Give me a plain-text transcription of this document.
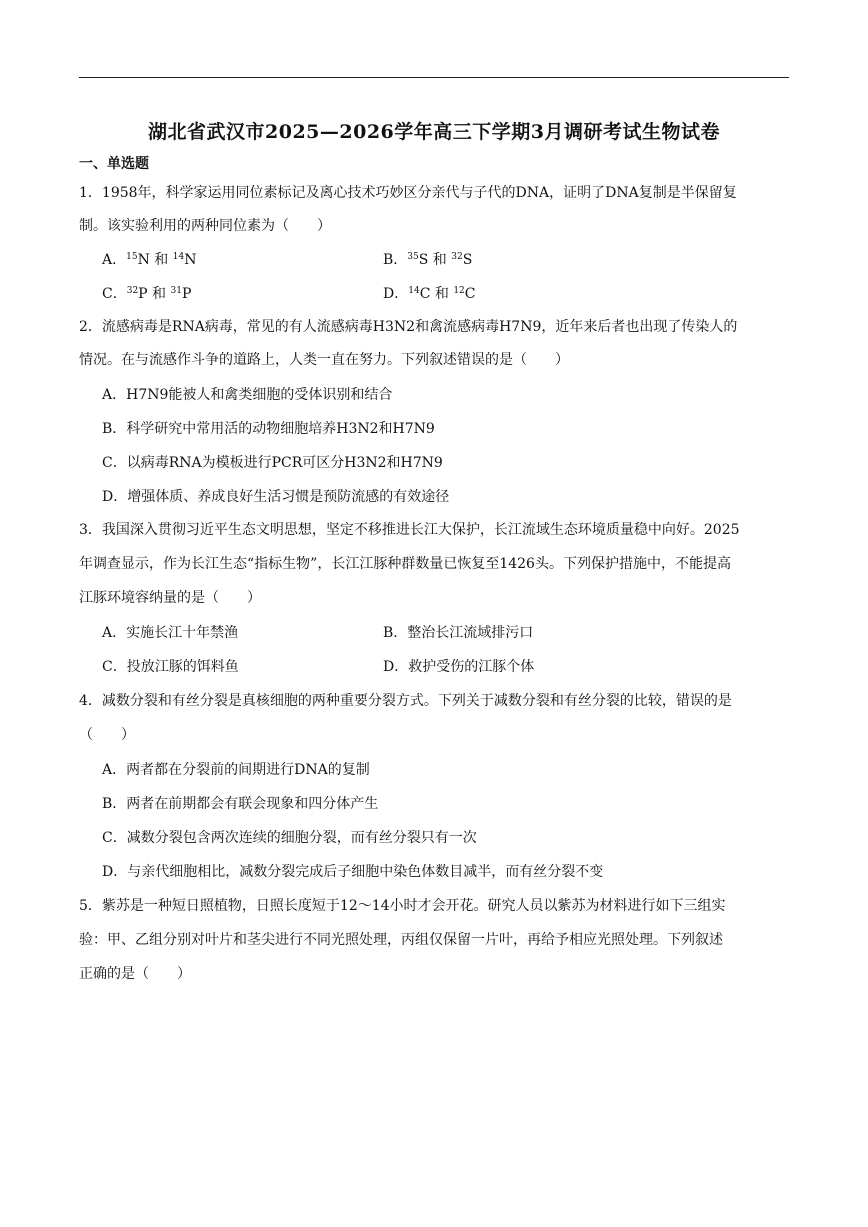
湖北省武汉市2025—2026学年高三下学期3月调研考试生物试卷
一、单选题
1．1958年，科学家运用同位素标记及离心技术巧妙区分亲代与子代的DNA，证明了DNA复制是半保留复
制。该实验利用的两种同位素为（　　）
A．$^{15}$N 和 $^{14}$N	B．$^{35}$S 和 $^{32}$S
C．$^{32}$P 和 $^{31}$P	D．$^{14}$C 和 $^{12}$C
2．流感病毒是RNA病毒，常见的有人流感病毒H3N2和禽流感病毒H7N9，近年来后者也出现了传染人的
情况。在与流感作斗争的道路上，人类一直在努力。下列叙述错误的是（　　）
A．H7N9能被人和禽类细胞的受体识别和结合
B．科学研究中常用活的动物细胞培养H3N2和H7N9
C．以病毒RNA为模板进行PCR可区分H3N2和H7N9
D．增强体质、养成良好生活习惯是预防流感的有效途径
3．我国深入贯彻习近平生态文明思想，坚定不移推进长江大保护，长江流域生态环境质量稳中向好。2025
年调查显示，作为长江生态“指标生物”，长江江豚种群数量已恢复至1426头。下列保护措施中，不能提高
江豚环境容纳量的是（　　）
A．实施长江十年禁渔	B．整治长江流域排污口
C．投放江豚的饵料鱼	D．救护受伤的江豚个体
4．减数分裂和有丝分裂是真核细胞的两种重要分裂方式。下列关于减数分裂和有丝分裂的比较，错误的是
（　　）
A．两者都在分裂前的间期进行DNA的复制
B．两者在前期都会有联会现象和四分体产生
C．减数分裂包含两次连续的细胞分裂，而有丝分裂只有一次
D．与亲代细胞相比，减数分裂完成后子细胞中染色体数目减半，而有丝分裂不变
5．紫苏是一种短日照植物，日照长度短于12～14小时才会开花。研究人员以紫苏为材料进行如下三组实
验：甲、乙组分别对叶片和茎尖进行不同光照处理，丙组仅保留一片叶，再给予相应光照处理。下列叙述
正确的是（　　）
